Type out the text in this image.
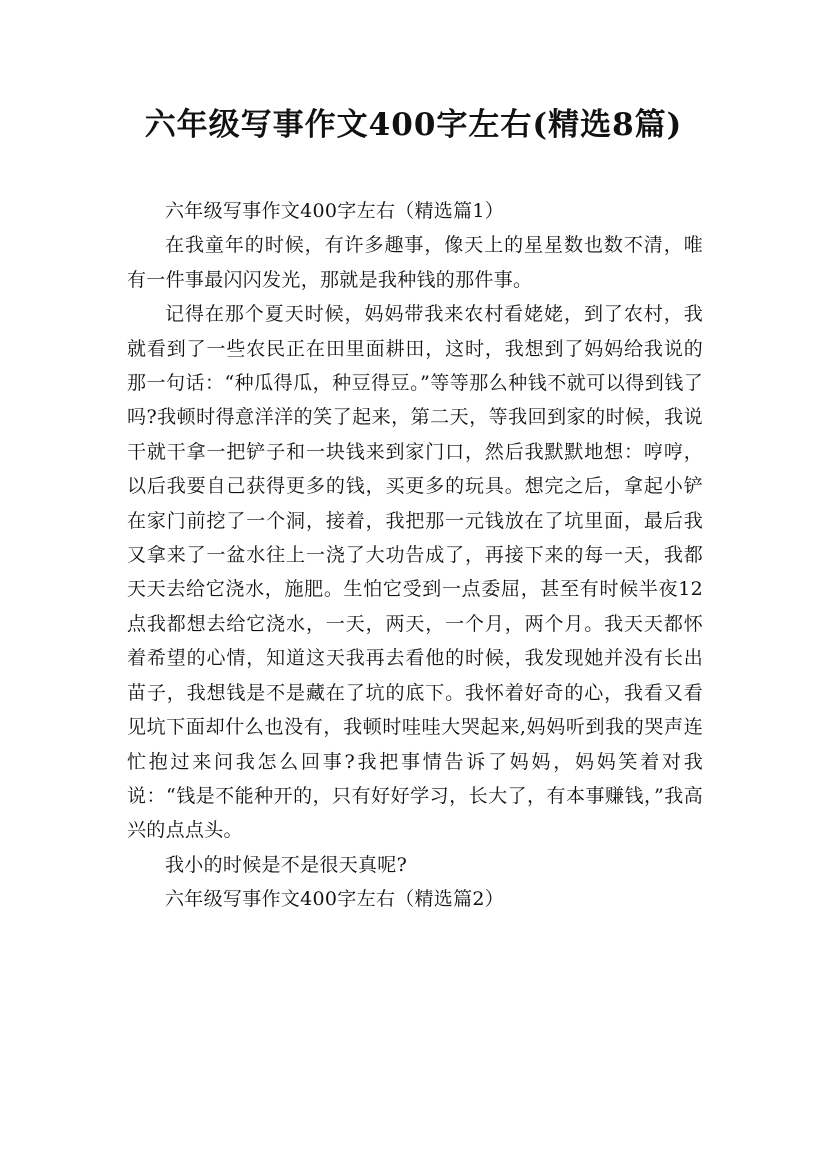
六年级写事作文400字左右(精选8篇)

六年级写事作文400字左右（精选篇1）

在我童年的时候，有许多趣事，像天上的星星数也数不清，唯有一件事最闪闪发光，那就是我种钱的那件事。

记得在那个夏天时候，妈妈带我来农村看姥姥，到了农村，我就看到了一些农民正在田里面耕田，这时，我想到了妈妈给我说的那一句话：“种瓜得瓜，种豆得豆。”等等那么种钱不就可以得到钱了吗?我顿时得意洋洋的笑了起来，第二天，等我回到家的时候，我说干就干拿一把铲子和一块钱来到家门口，然后我默默地想：哼哼，以后我要自己获得更多的钱，买更多的玩具。想完之后，拿起小铲在家门前挖了一个洞，接着，我把那一元钱放在了坑里面，最后我又拿来了一盆水往上一浇了大功告成了，再接下来的每一天，我都天天去给它浇水，施肥。生怕它受到一点委屈，甚至有时候半夜12点我都想去给它浇水，一天，两天，一个月，两个月。我天天都怀着希望的心情，知道这天我再去看他的时候，我发现她并没有长出苗子，我想钱是不是藏在了坑的底下。我怀着好奇的心，我看又看见坑下面却什么也没有，我顿时哇哇大哭起来,妈妈听到我的哭声连忙抱过来问我怎么回事?我把事情告诉了妈妈，妈妈笑着对我说：“钱是不能种开的，只有好好学习，长大了，有本事赚钱，”我高兴的点点头。

我小的时候是不是很天真呢?

六年级写事作文400字左右（精选篇2）
